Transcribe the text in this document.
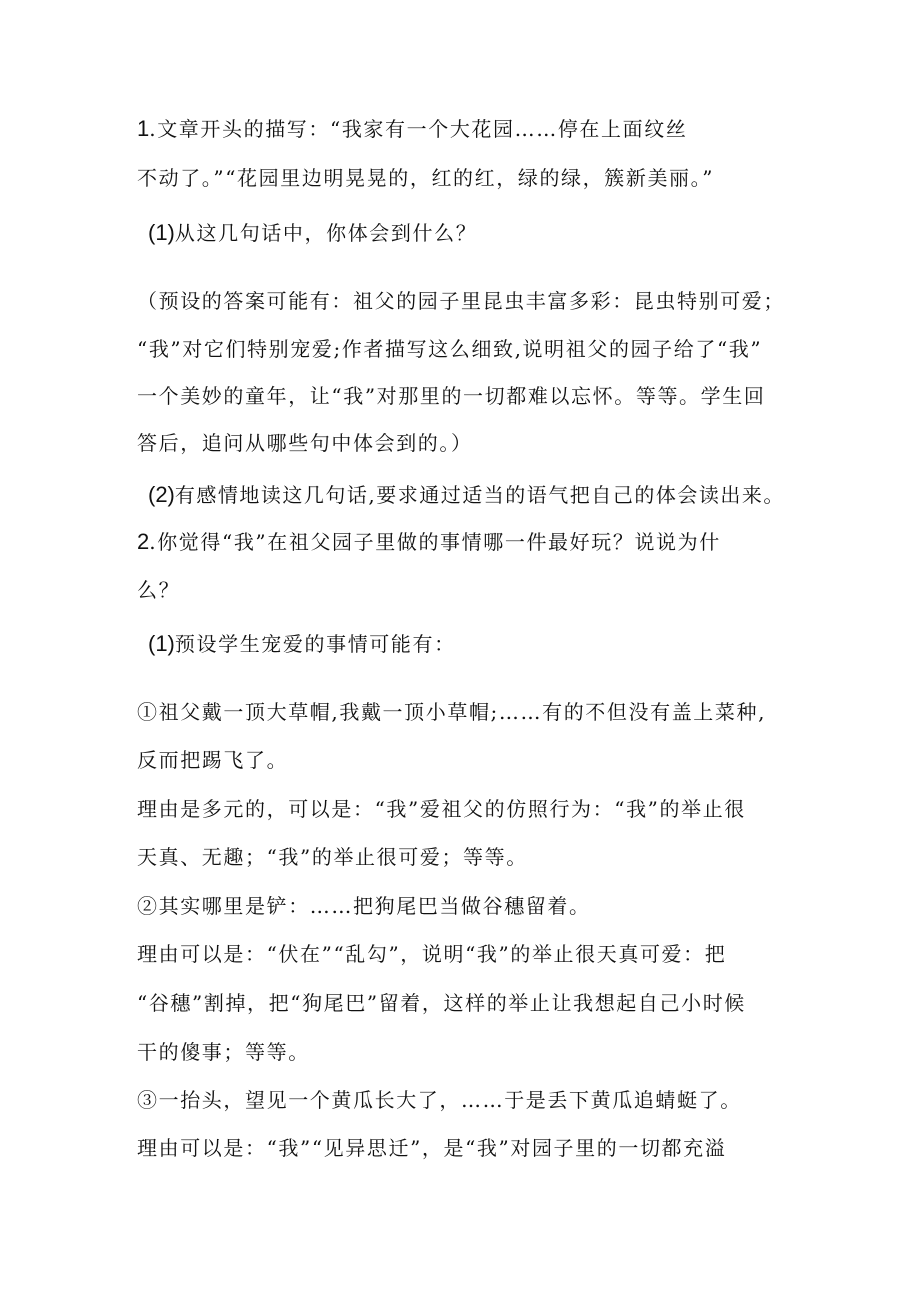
1.文章开头的描写：“我家有一个大花园……停在上面纹丝
不动了。”“花园里边明晃晃的，红的红，绿的绿，簇新美丽。”
(1)从这几句话中，你体会到什么？
（预设的答案可能有：祖父的园子里昆虫丰富多彩：昆虫特别可爱；
“我”对它们特别宠爱;作者描写这么细致,说明祖父的园子给了“我”
一个美妙的童年，让“我”对那里的一切都难以忘怀。等等。学生回
答后，追问从哪些句中体会到的。）
(2)有感情地读这几句话,要求通过适当的语气把自己的体会读出来。
2.你觉得“我”在祖父园子里做的事情哪一件最好玩？说说为什
么？
(1)预设学生宠爱的事情可能有：
①祖父戴一顶大草帽,我戴一顶小草帽;……有的不但没有盖上菜种,
反而把踢飞了。
理由是多元的，可以是：“我”爱祖父的仿照行为：“我”的举止很
天真、无趣；“我”的举止很可爱；等等。
②其实哪里是铲：……把狗尾巴当做谷穗留着。
理由可以是：“伏在”“乱勾”，说明“我”的举止很天真可爱：把
“谷穗”割掉，把“狗尾巴”留着，这样的举止让我想起自己小时候
干的傻事；等等。
③一抬头，望见一个黄瓜长大了，……于是丢下黄瓜追蜻蜓了。
理由可以是：“我”“见异思迁”，是“我”对园子里的一切都充溢
